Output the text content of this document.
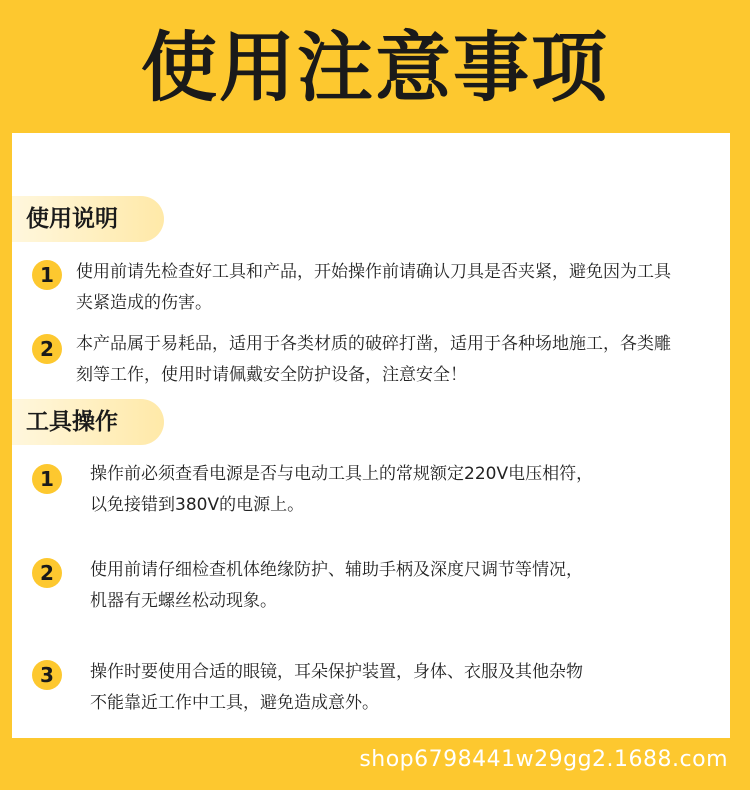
使用注意事项
使用说明
1	使用前请先检查好工具和产品，开始操作前请确认刀具是否夹紧，避免因为工具
夹紧造成的伤害。
2	本产品属于易耗品，适用于各类材质的破碎打凿，适用于各种场地施工，各类雕
刻等工作，使用时请佩戴安全防护设备，注意安全！
工具操作
1	操作前必须查看电源是否与电动工具上的常规额定220V电压相符，
以免接错到380V的电源上。
2	使用前请仔细检查机体绝缘防护、辅助手柄及深度尺调节等情况，
机器有无螺丝松动现象。
3	操作时要使用合适的眼镜，耳朵保护装置，身体、衣服及其他杂物
不能靠近工作中工具，避免造成意外。
shop6798441w29gg2.1688.com
